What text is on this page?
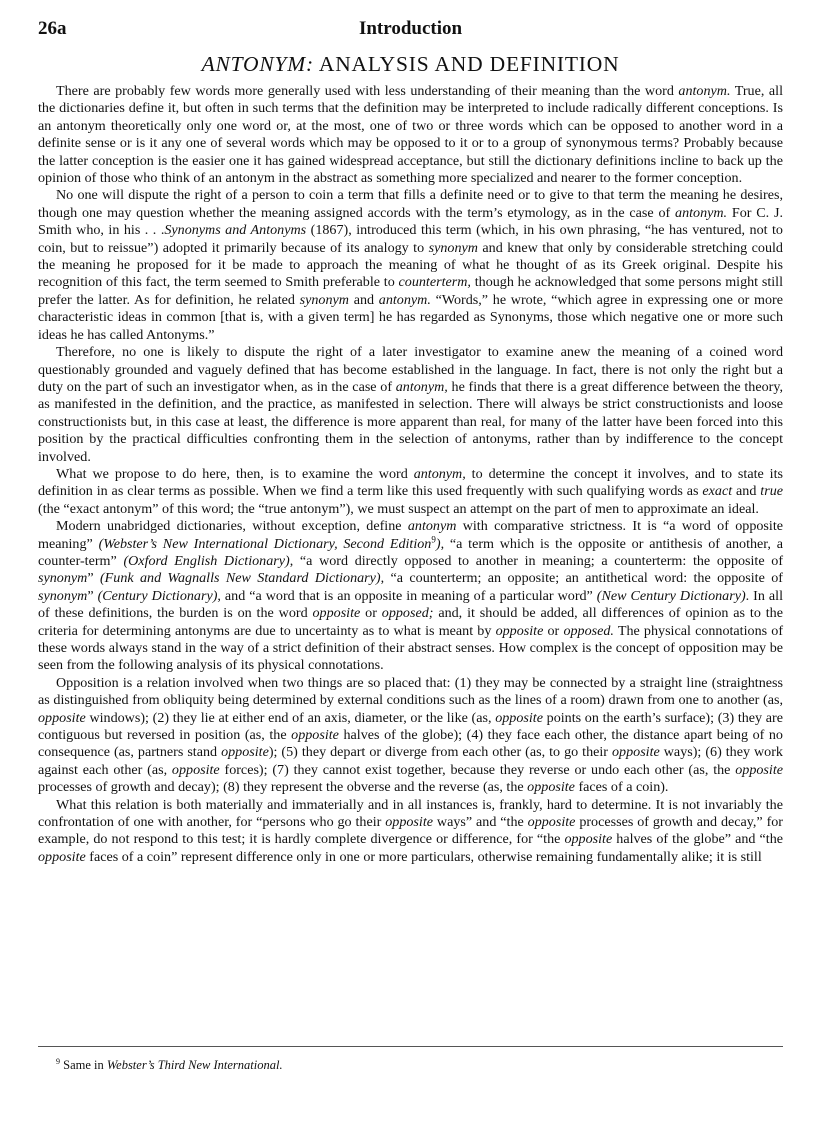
26a	Introduction
ANTONYM: ANALYSIS AND DEFINITION

There are probably few words more generally used with less understanding of their meaning than the word antonym. True, all the dictionaries define it, but often in such terms that the definition may be interpreted to include radically different conceptions. Is an antonym theoretically only one word or, at the most, one of two or three words which can be opposed to another word in a definite sense or is it any one of several words which may be opposed to it or to a group of synonymous terms? Probably because the latter conception is the easier one it has gained widespread acceptance, but still the dictionary definitions incline to back up the opinion of those who think of an antonym in the abstract as something more specialized and nearer to the former conception.

No one will dispute the right of a person to coin a term that fills a definite need or to give to that term the meaning he desires, though one may question whether the meaning assigned accords with the term’s etymology, as in the case of antonym. For C. J. Smith who, in his . . .Synonyms and Antonyms (1867), introduced this term (which, in his own phrasing, “he has ventured, not to coin, but to reissue”) adopted it primarily because of its analogy to synonym and knew that only by considerable stretching could the meaning he proposed for it be made to approach the meaning of what he thought of as its Greek original. Despite his recognition of this fact, the term seemed to Smith preferable to counterterm, though he acknowledged that some persons might still prefer the latter. As for definition, he related synonym and antonym. “Words,” he wrote, “which agree in expressing one or more characteristic ideas in common [that is, with a given term] he has regarded as Synonyms, those which negative one or more such ideas he has called Antonyms.”

Therefore, no one is likely to dispute the right of a later investigator to examine anew the meaning of a coined word questionably grounded and vaguely defined that has become established in the language. In fact, there is not only the right but a duty on the part of such an investigator when, as in the case of antonym, he finds that there is a great difference between the theory, as manifested in the definition, and the practice, as manifested in selection. There will always be strict constructionists and loose constructionists but, in this case at least, the difference is more apparent than real, for many of the latter have been forced into this position by the practical difficulties confronting them in the selection of antonyms, rather than by indifference to the concept involved.

What we propose to do here, then, is to examine the word antonym, to determine the concept it involves, and to state its definition in as clear terms as possible. When we find a term like this used frequently with such qualifying words as exact and true (the “exact antonym” of this word; the “true antonym”), we must suspect an attempt on the part of men to approximate an ideal.

Modern unabridged dictionaries, without exception, define antonym with comparative strictness. It is “a word of opposite meaning” (Webster’s New International Dictionary, Second Edition$^9$), “a term which is the opposite or antithesis of another, a counter-term” (Oxford English Dictionary), “a word directly opposed to another in meaning; a counterterm: the opposite of synonym” (Funk and Wagnalls New Standard Dictionary), “a counterterm; an opposite; an antithetical word: the opposite of synonym” (Century Dictionary), and “a word that is an opposite in meaning of a particular word” (New Century Dictionary). In all of these definitions, the burden is on the word opposite or opposed; and, it should be added, all differences of opinion as to the criteria for determining antonyms are due to uncertainty as to what is meant by opposite or opposed. The physical connotations of these words always stand in the way of a strict definition of their abstract senses. How complex is the concept of opposition may be seen from the following analysis of its physical connotations.

Opposition is a relation involved when two things are so placed that: (1) they may be connected by a straight line (straightness as distinguished from obliquity being determined by external conditions such as the lines of a room) drawn from one to another (as, opposite windows); (2) they lie at either end of an axis, diameter, or the like (as, opposite points on the earth’s surface); (3) they are contiguous but reversed in position (as, the opposite halves of the globe); (4) they face each other, the distance apart being of no consequence (as, partners stand opposite); (5) they depart or diverge from each other (as, to go their opposite ways); (6) they work against each other (as, opposite forces); (7) they cannot exist together, because they reverse or undo each other (as, the opposite processes of growth and decay); (8) they represent the obverse and the reverse (as, the opposite faces of a coin).

What this relation is both materially and immaterially and in all instances is, frankly, hard to determine. It is not invariably the confrontation of one with another, for “persons who go their opposite ways” and “the opposite processes of growth and decay,” for example, do not respond to this test; it is hardly complete divergence or difference, for “the opposite halves of the globe” and “the opposite faces of a coin” represent difference only in one or more particulars, otherwise remaining fundamentally alike; it is still

$^9$ Same in Webster’s Third New International.
